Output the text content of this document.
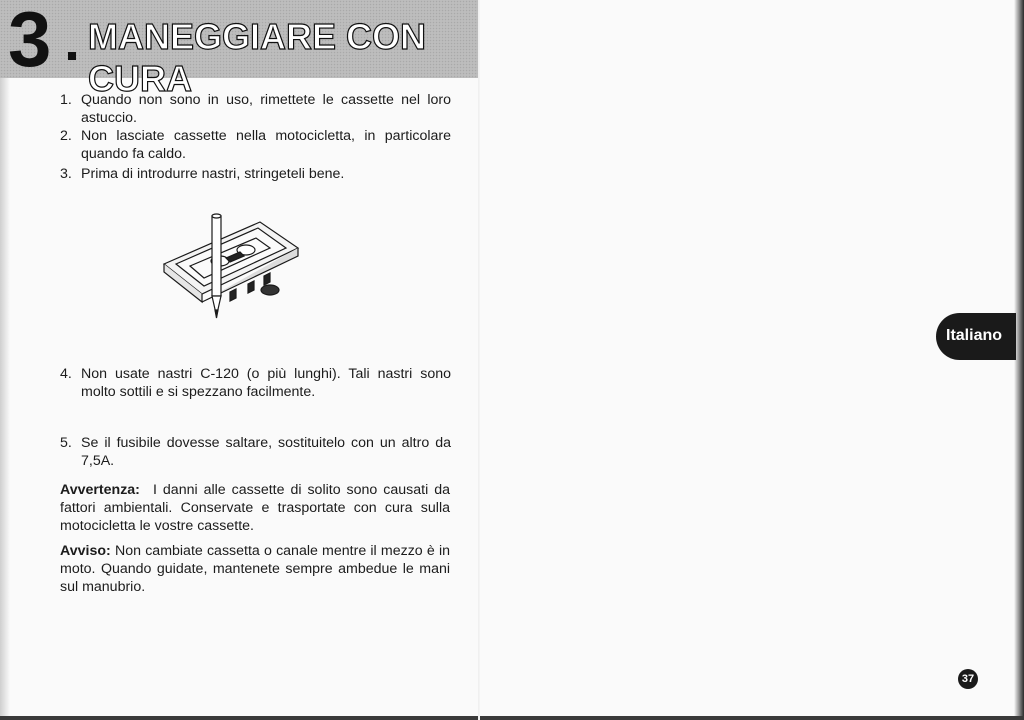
3 MANEGGIARE CON CURA
1. Quando non sono in uso, rimettete le cassette nel loro astuccio.
2. Non lasciate cassette nella motocicletta, in particolare quando fa caldo.
3. Prima di introdurre nastri, stringeteli bene.
4. Non usate nastri C-120 (o più lunghi). Tali nastri sono molto sottili e si spezzano facilmente.
5. Se il fusibile dovesse saltare, sostituitelo con un altro da 7,5A.
Avvertenza: I danni alle cassette di solito sono causati da fattori ambientali. Conservate e trasportate con cura sulla motocicletta le vostre cassette.
Avviso: Non cambiate cassetta o canale mentre il mezzo è in moto. Quando guidate, mantenete sempre ambedue le mani sul manubrio.
Italiano
37
